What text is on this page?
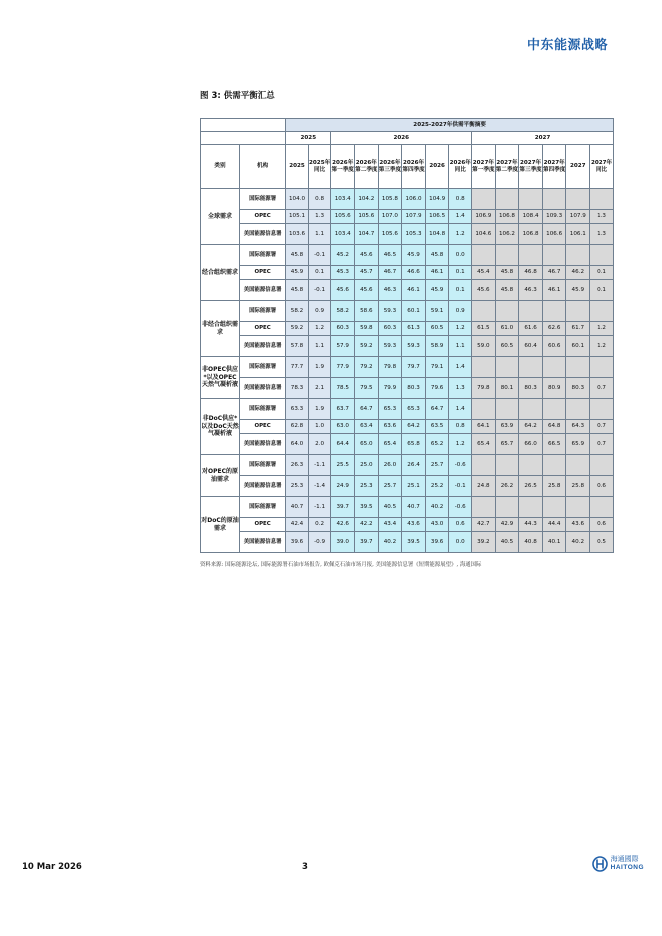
中东能源战略
图 3: 供需平衡汇总
		2025-2027年供需平衡摘要													
		2025		2026						2027					
类别	机构	2025	2025年同比	2026年第一季度	2026年第二季度	2026年第三季度	2026年第四季度	2026	2026年同比	2027年第一季度	2027年第二季度	2027年第三季度	2027年第四季度	2027	2027年同比
全球需求	国际能源署	104.0	0.8	103.4	104.2	105.8	106.0	104.9	0.8						
	OPEC	105.1	1.3	105.6	105.6	107.0	107.9	106.5	1.4	106.9	106.8	108.4	109.3	107.9	1.3
	美国能源信息署	103.6	1.1	103.4	104.7	105.6	105.3	104.8	1.2	104.6	106.2	106.8	106.6	106.1	1.3
经合组织需求	国际能源署	45.8	-0.1	45.2	45.6	46.5	45.9	45.8	0.0						
	OPEC	45.9	0.1	45.3	45.7	46.7	46.6	46.1	0.1	45.4	45.8	46.8	46.7	46.2	0.1
	美国能源信息署	45.8	-0.1	45.6	45.6	46.3	46.1	45.9	0.1	45.6	45.8	46.3	46.1	45.9	0.1
非经合组织需求	国际能源署	58.2	0.9	58.2	58.6	59.3	60.1	59.1	0.9						
	OPEC	59.2	1.2	60.3	59.8	60.3	61.3	60.5	1.2	61.5	61.0	61.6	62.6	61.7	1.2
	美国能源信息署	57.8	1.1	57.9	59.2	59.3	59.3	58.9	1.1	59.0	60.5	60.4	60.6	60.1	1.2
非OPEC供应*以及OPEC天然气凝析液	国际能源署	77.7	1.9	77.9	79.2	79.8	79.7	79.1	1.4						
	美国能源信息署	78.3	2.1	78.5	79.5	79.9	80.3	79.6	1.3	79.8	80.1	80.3	80.9	80.3	0.7
非DoC供应*以及DoC天然气凝析液	国际能源署	63.3	1.9	63.7	64.7	65.3	65.3	64.7	1.4						
	OPEC	62.8	1.0	63.0	63.4	63.6	64.2	63.5	0.8	64.1	63.9	64.2	64.8	64.3	0.7
	美国能源信息署	64.0	2.0	64.4	65.0	65.4	65.8	65.2	1.2	65.4	65.7	66.0	66.5	65.9	0.7
对OPEC的原油需求	国际能源署	26.3	-1.1	25.5	25.0	26.0	26.4	25.7	-0.6						
	美国能源信息署	25.3	-1.4	24.9	25.3	25.7	25.1	25.2	-0.1	24.8	26.2	26.5	25.8	25.8	0.6
对DoC的原油需求	国际能源署	40.7	-1.1	39.7	39.5	40.5	40.7	40.2	-0.6						
	OPEC	42.4	0.2	42.6	42.2	43.4	43.6	43.0	0.6	42.7	42.9	44.3	44.4	43.6	0.6
	美国能源信息署	39.6	-0.9	39.0	39.7	40.2	39.5	39.6	0.0	39.2	40.5	40.8	40.1	40.2	0.5
资料来源: 国际能源论坛, 国际能源署石油市场报告, 欧佩克石油市场月报, 美国能源信息署《短期能源展望》, 海通国际
10 Mar 2026	3
海通國際
HAITONG
